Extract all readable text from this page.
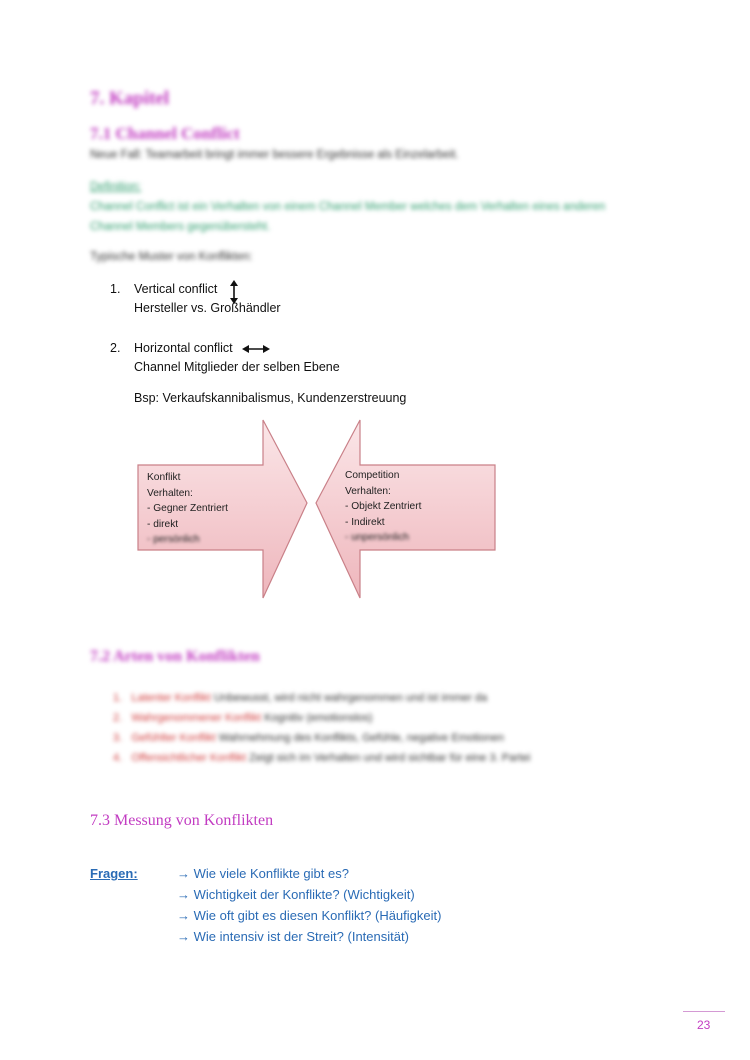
7. Kapitel
7.1 Channel Conflict
Neue Fall: Teamarbeit bringt immer bessere Ergebnisse als Einzelarbeit.
Definition:
Channel Conflict ist ein Verhalten von einem Channel Member welches dem Verhalten eines anderen Channel Members gegenübersteht.
Typische Muster von Konflikten:
1. Vertical conflict
Hersteller vs. Großhändler
2. Horizontal conflict
Channel Mitglieder der selben Ebene
Bsp: Verkaufskannibalismus, Kundenzerstreuung
Konflikt
Verhalten:
- Gegner Zentriert
- direkt
- persönlich
Competition
Verhalten:
- Objekt Zentriert
- Indirekt
- unpersönlich
7.2 Arten von Konflikten
1. Latenter Konflikt Unbewusst, wird nicht wahrgenommen und ist immer da
2. Wahrgenommener Konflikt Kognitiv (emotionslos)
3. Gefühlter Konflikt Wahrnehmung des Konflikts, Gefühle, negative Emotionen
4. Offensichtlicher Konflikt Zeigt sich im Verhalten und wird sichtbar für eine 3. Partei
7.3 Messung von Konflikten
Fragen:	→ Wie viele Konflikte gibt es?
→ Wichtigkeit der Konflikte? (Wichtigkeit)
→ Wie oft gibt es diesen Konflikt? (Häufigkeit)
→ Wie intensiv ist der Streit? (Intensität)
23
